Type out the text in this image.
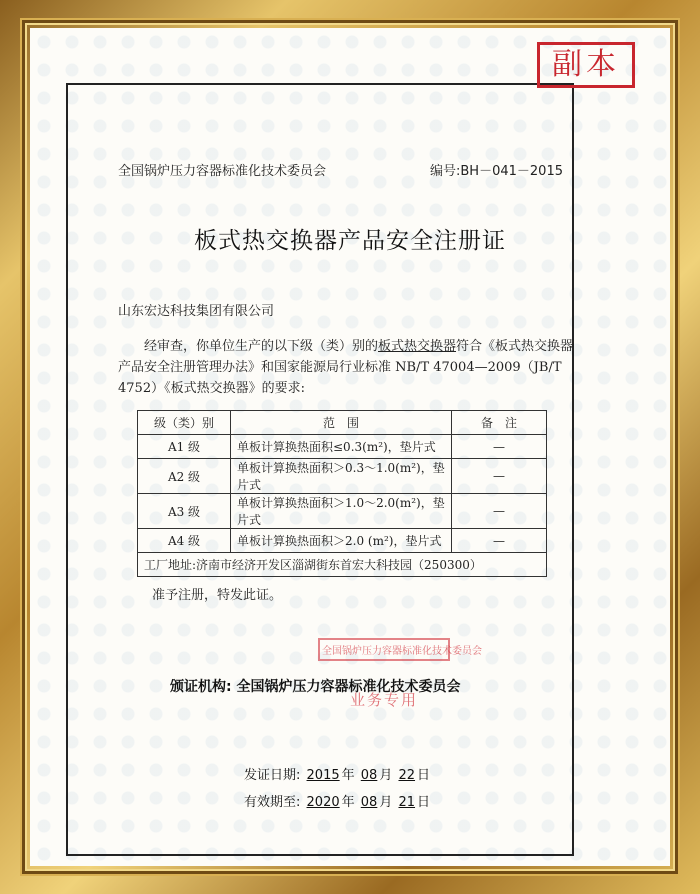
副本
全国锅炉压力容器标准化技术委员会	编号:BH－041－2015
板式热交换器产品安全注册证
山东宏达科技集团有限公司
经审查，你单位生产的以下级（类）别的板式热交换器符合《板式热交换器产品安全注册管理办法》和国家能源局行业标准 NB/T 47004—2009（JB/T 4752）《板式热交换器》的要求:
级（类）别	范　围	备　注
A1 级	单板计算换热面积≤0.3(m²)，垫片式	—
A2 级	单板计算换热面积＞0.3～1.0(m²)，垫片式	—
A3 级	单板计算换热面积＞1.0～2.0(m²)，垫片式	—
A4 级	单板计算换热面积＞2.0 (m²)，垫片式	—
工厂地址:济南市经济开发区淄湖街东首宏大科技园（250300）		
准予注册，特发此证。
全国锅炉压力容器标准化技术委员会
业务专用
颁证机构: 全国锅炉压力容器标准化技术委员会
发证日期: 2015 年 08 月 22 日
有效期至: 2020 年 08 月 21 日
